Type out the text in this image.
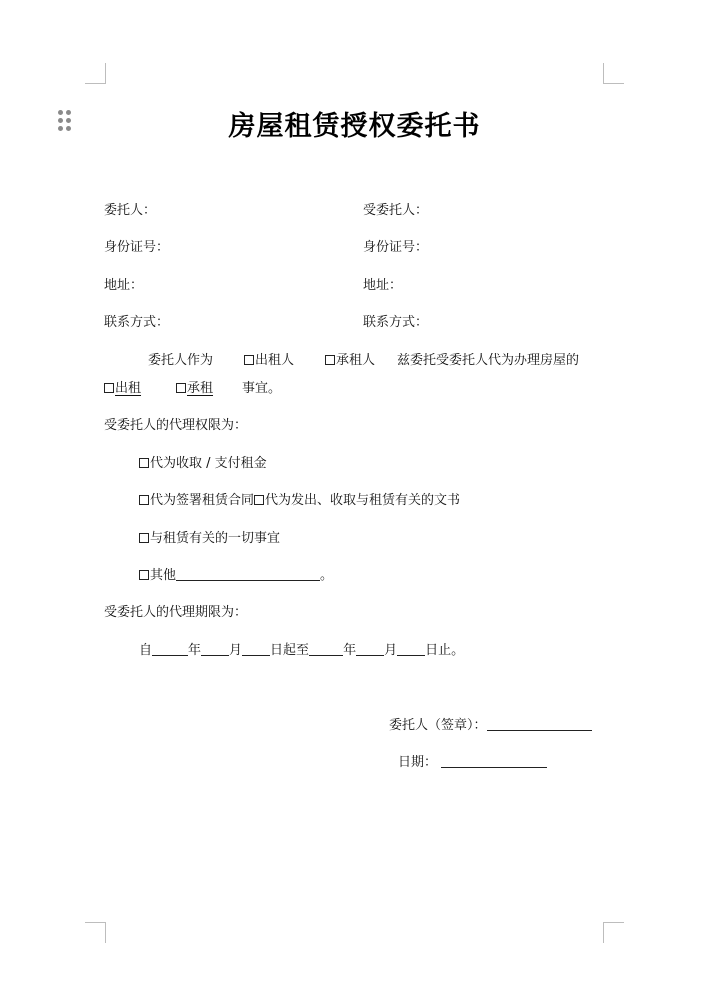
房屋租赁授权委托书
委托人：	受委托人：
身份证号：	身份证号：
地址：	地址：
联系方式：	联系方式：
委托人作为	出租人	承租人 兹委托受委托人代为办理房屋的
出租	承租	事宜。
受委托人的代理权限为：
代为收取 / 支付租金
代为签署租赁合同 代为发出、收取与租赁有关的文书
与租赁有关的一切事宜
其他	。
受委托人的代理期限为：
自	年 月 日起至	年 月 日止。
委托人（签章）：
日期：
